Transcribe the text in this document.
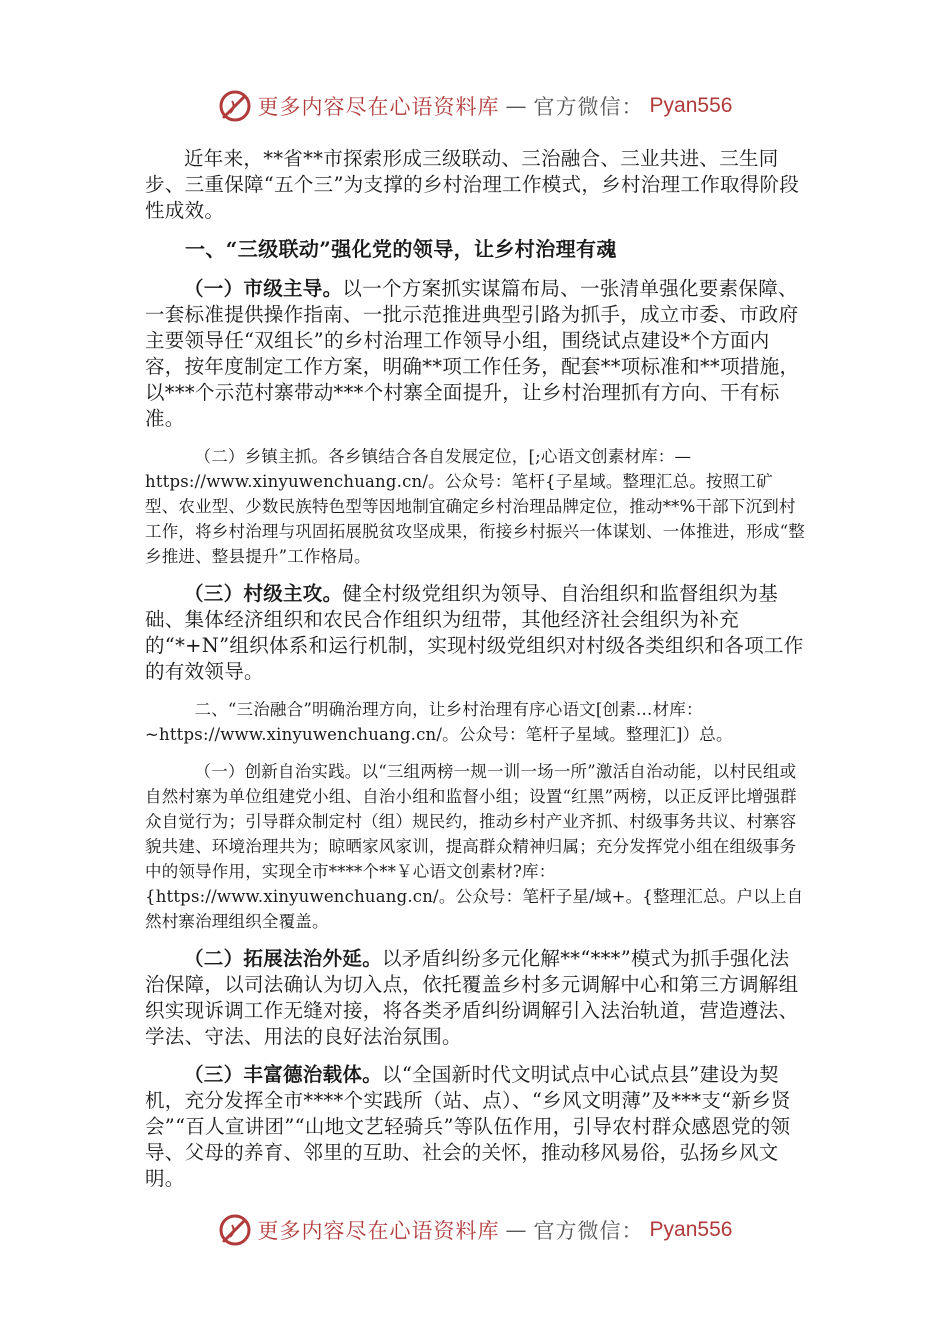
更多内容尽在心语资料库 — 官方微信： Pyan556

近年来，**省**市探索形成三级联动、三治融合、三业共进、三生同步、三重保障“五个三”为支撑的乡村治理工作模式，乡村治理工作取得阶段性成效。

一、“三级联动”强化党的领导，让乡村治理有魂

（一）市级主导。以一个方案抓实谋篇布局、一张清单强化要素保障、一套标准提供操作指南、一批示范推进典型引路为抓手，成立市委、市政府主要领导任“双组长”的乡村治理工作领导小组，围绕试点建设*个方面内容，按年度制定工作方案，明确**项工作任务，配套**项标准和**项措施，以***个示范村寨带动***个村寨全面提升，让乡村治理抓有方向、干有标准。

（二）乡镇主抓。各乡镇结合各自发展定位，[;心语文创素材库：—https://www.xinyuwenchuang.cn/。公众号：笔杆{子星域。整理汇总。按照工矿型、农业型、少数民族特色型等因地制宜确定乡村治理品牌定位，推动**%干部下沉到村工作，将乡村治理与巩固拓展脱贫攻坚成果，衔接乡村振兴一体谋划、一体推进，形成“整乡推进、整县提升”工作格局。

（三）村级主攻。健全村级党组织为领导、自治组织和监督组织为基础、集体经济组织和农民合作组织为纽带，其他经济社会组织为补充的“*+N”组织体系和运行机制，实现村级党组织对村级各类组织和各项工作的有效领导。

二、“三治融合”明确治理方向，让乡村治理有序心语文[创素…材库：~https://www.xinyuwenchuang.cn/。公众号：笔杆子星域。整理汇]）总。

（一）创新自治实践。以“三组两榜一规一训一场一所”激活自治动能，以村民组或自然村寨为单位组建党小组、自治小组和监督小组；设置“红黑”两榜，以正反评比增强群众自觉行为；引导群众制定村（组）规民约，推动乡村产业齐抓、村级事务共议、村寨容貌共建、环境治理共为；晾晒家风家训，提高群众精神归属；充分发挥党小组在组级事务中的领导作用，实现全市****个**￥心语文创素材?库：{https://www.xinyuwenchuang.cn/。公众号：笔杆子星/域+。{整理汇总。户以上自然村寨治理组织全覆盖。

（二）拓展法治外延。以矛盾纠纷多元化解**“***”模式为抓手强化法治保障，以司法确认为切入点，依托覆盖乡村多元调解中心和第三方调解组织实现诉调工作无缝对接，将各类矛盾纠纷调解引入法治轨道，营造遵法、学法、守法、用法的良好法治氛围。

（三）丰富德治载体。以“全国新时代文明试点中心试点县”建设为契机，充分发挥全市****个实践所（站、点）、“乡风文明薄”及***支“新乡贤会”“百人宣讲团”“山地文艺轻骑兵”等队伍作用，引导农村群众感恩党的领导、父母的养育、邻里的互助、社会的关怀，推动移风易俗，弘扬乡风文明。

更多内容尽在心语资料库 — 官方微信： Pyan556
